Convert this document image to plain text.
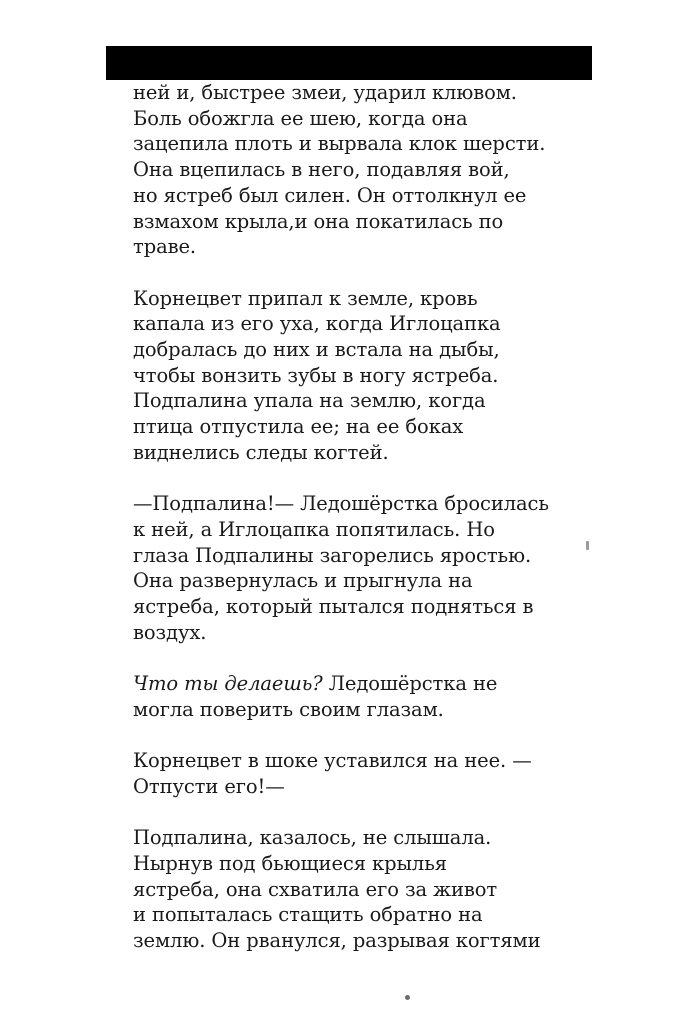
ней и, быстрее змеи, ударил клювом.
Боль обожгла ее шею, когда она
зацепила плоть и вырвала клок шерсти.
Она вцепилась в него, подавляя вой,
но ястреб был силен. Он оттолкнул ее
взмахом крыла,и она покатилась по
траве.

Корнецвет припал к земле, кровь
капала из его уха, когда Иглоцапка
добралась до них и встала на дыбы,
чтобы вонзить зубы в ногу ястреба.
Подпалина упала на землю, когда
птица отпустила ее; на ее боках
виднелись следы когтей.

—Подпалина!— Ледошёрстка бросилась
к ней, а Иглоцапка попятилась. Но
глаза Подпалины загорелись яростью.
Она развернулась и прыгнула на
ястреба, который пытался подняться в
воздух.

Что ты делаешь? Ледошёрстка не
могла поверить своим глазам.

Корнецвет в шоке уставился на нее. —
Отпусти его!—

Подпалина, казалось, не слышала.
Нырнув под бьющиеся крылья
ястреба, она схватила его за живот
и попыталась стащить обратно на
землю. Он рванулся, разрывая когтями
